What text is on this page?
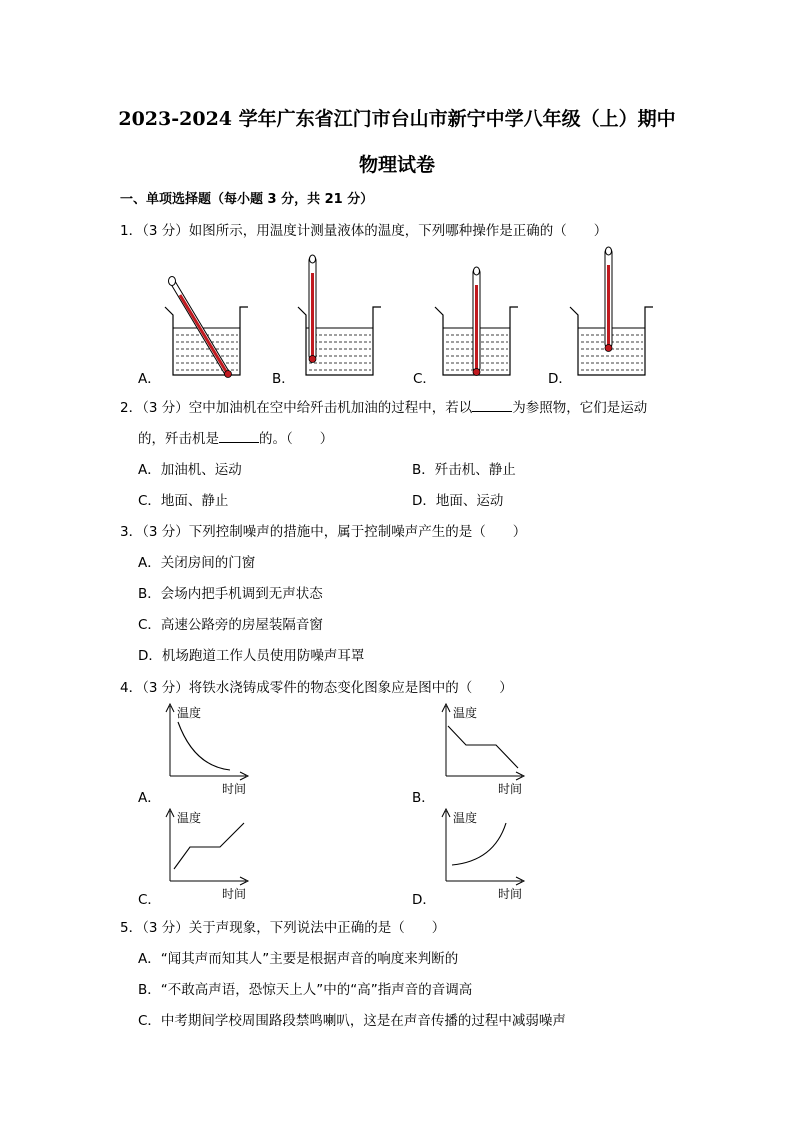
2023-2024 学年广东省江门市台山市新宁中学八年级（上）期中
物理试卷
一、单项选择题（每小题 3 分，共 21 分）
1．（3 分）如图所示，用温度计测量液体的温度，下列哪种操作是正确的（　　）
A．	B．	C．	D．
2．（3 分）空中加油机在空中给歼击机加油的过程中，若以	为参照物，它们是运动
的，歼击机是	的。（　　）
A．加油机、运动	B．歼击机、静止
C．地面、静止	D．地面、运动
3．（3 分）下列控制噪声的措施中，属于控制噪声产生的是（　　）
A．关闭房间的门窗
B．会场内把手机调到无声状态
C．高速公路旁的房屋装隔音窗
D．机场跑道工作人员使用防噪声耳罩
4．（3 分）将铁水浇铸成零件的物态变化图象应是图中的（　　）
温度
时间
A．
温度
时间
B．
温度
时间
C．
温度
时间
D．
5．（3 分）关于声现象，下列说法中正确的是（　　）
A．“闻其声而知其人”主要是根据声音的响度来判断的
B．“不敢高声语，恐惊天上人”中的“高”指声音的音调高
C．中考期间学校周围路段禁鸣喇叭，这是在声音传播的过程中减弱噪声
